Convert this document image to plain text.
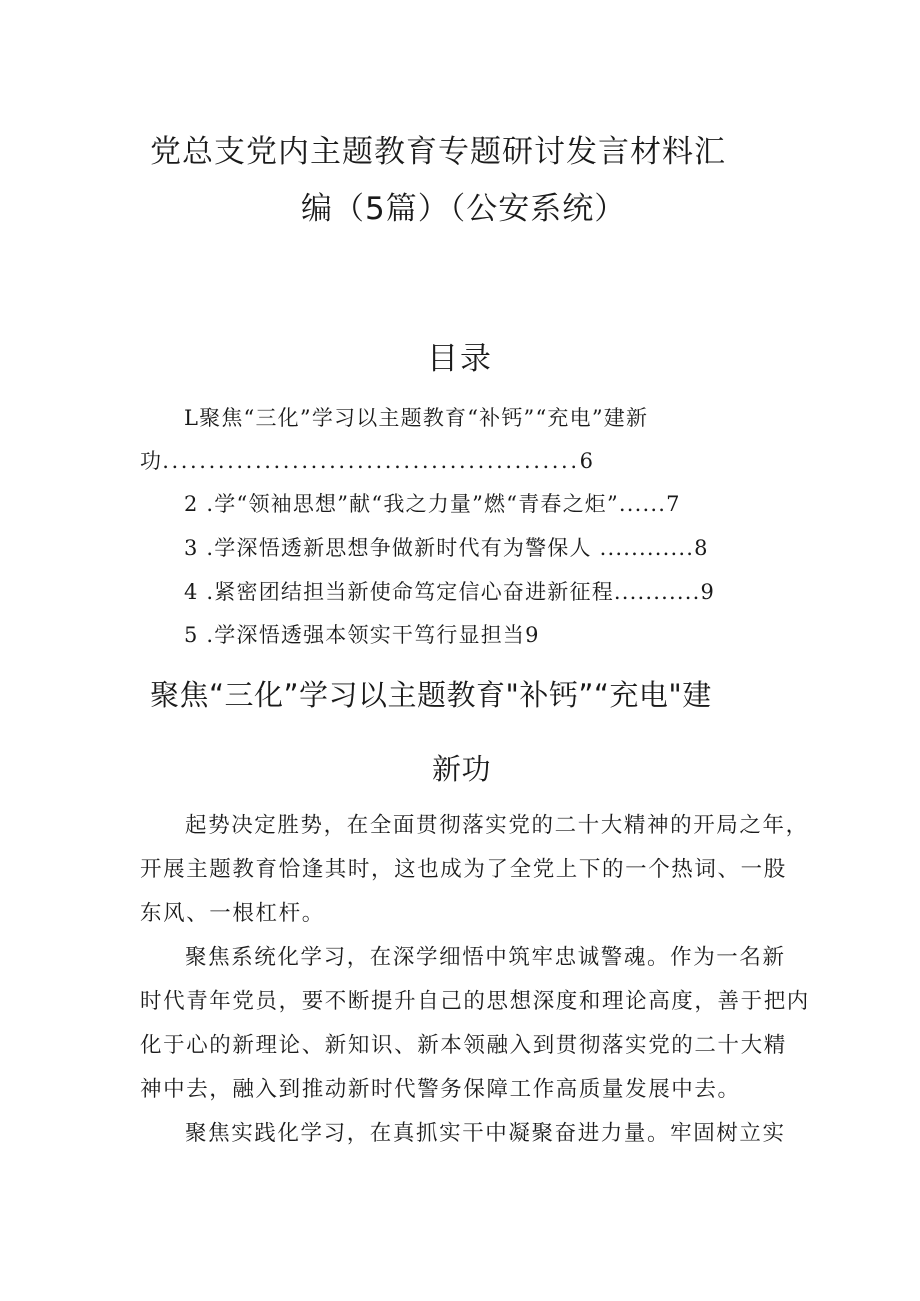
党总支党内主题教育专题研讨发言材料汇
编（5篇）（公安系统）
目录
L聚焦“三化”学习以主题教育“补钙”“充电”建新
功.............................................6
2 .学“领袖思想”献“我之力量”燃“青春之炬”......7
3 .学深悟透新思想争做新时代有为警保人 ............8
4 .紧密团结担当新使命笃定信心奋进新征程...........9
5 .学深悟透强本领实干笃行显担当9
聚焦“三化”学习以主题教育"补钙”“充电"建
新功
起势决定胜势，在全面贯彻落实党的二十大精神的开局之年，
开展主题教育恰逢其时，这也成为了全党上下的一个热词、一股
东风、一根杠杆。
聚焦系统化学习，在深学细悟中筑牢忠诚警魂。作为一名新
时代青年党员，要不断提升自己的思想深度和理论高度，善于把内
化于心的新理论、新知识、新本领融入到贯彻落实党的二十大精
神中去，融入到推动新时代警务保障工作高质量发展中去。
聚焦实践化学习，在真抓实干中凝聚奋进力量。牢固树立实
